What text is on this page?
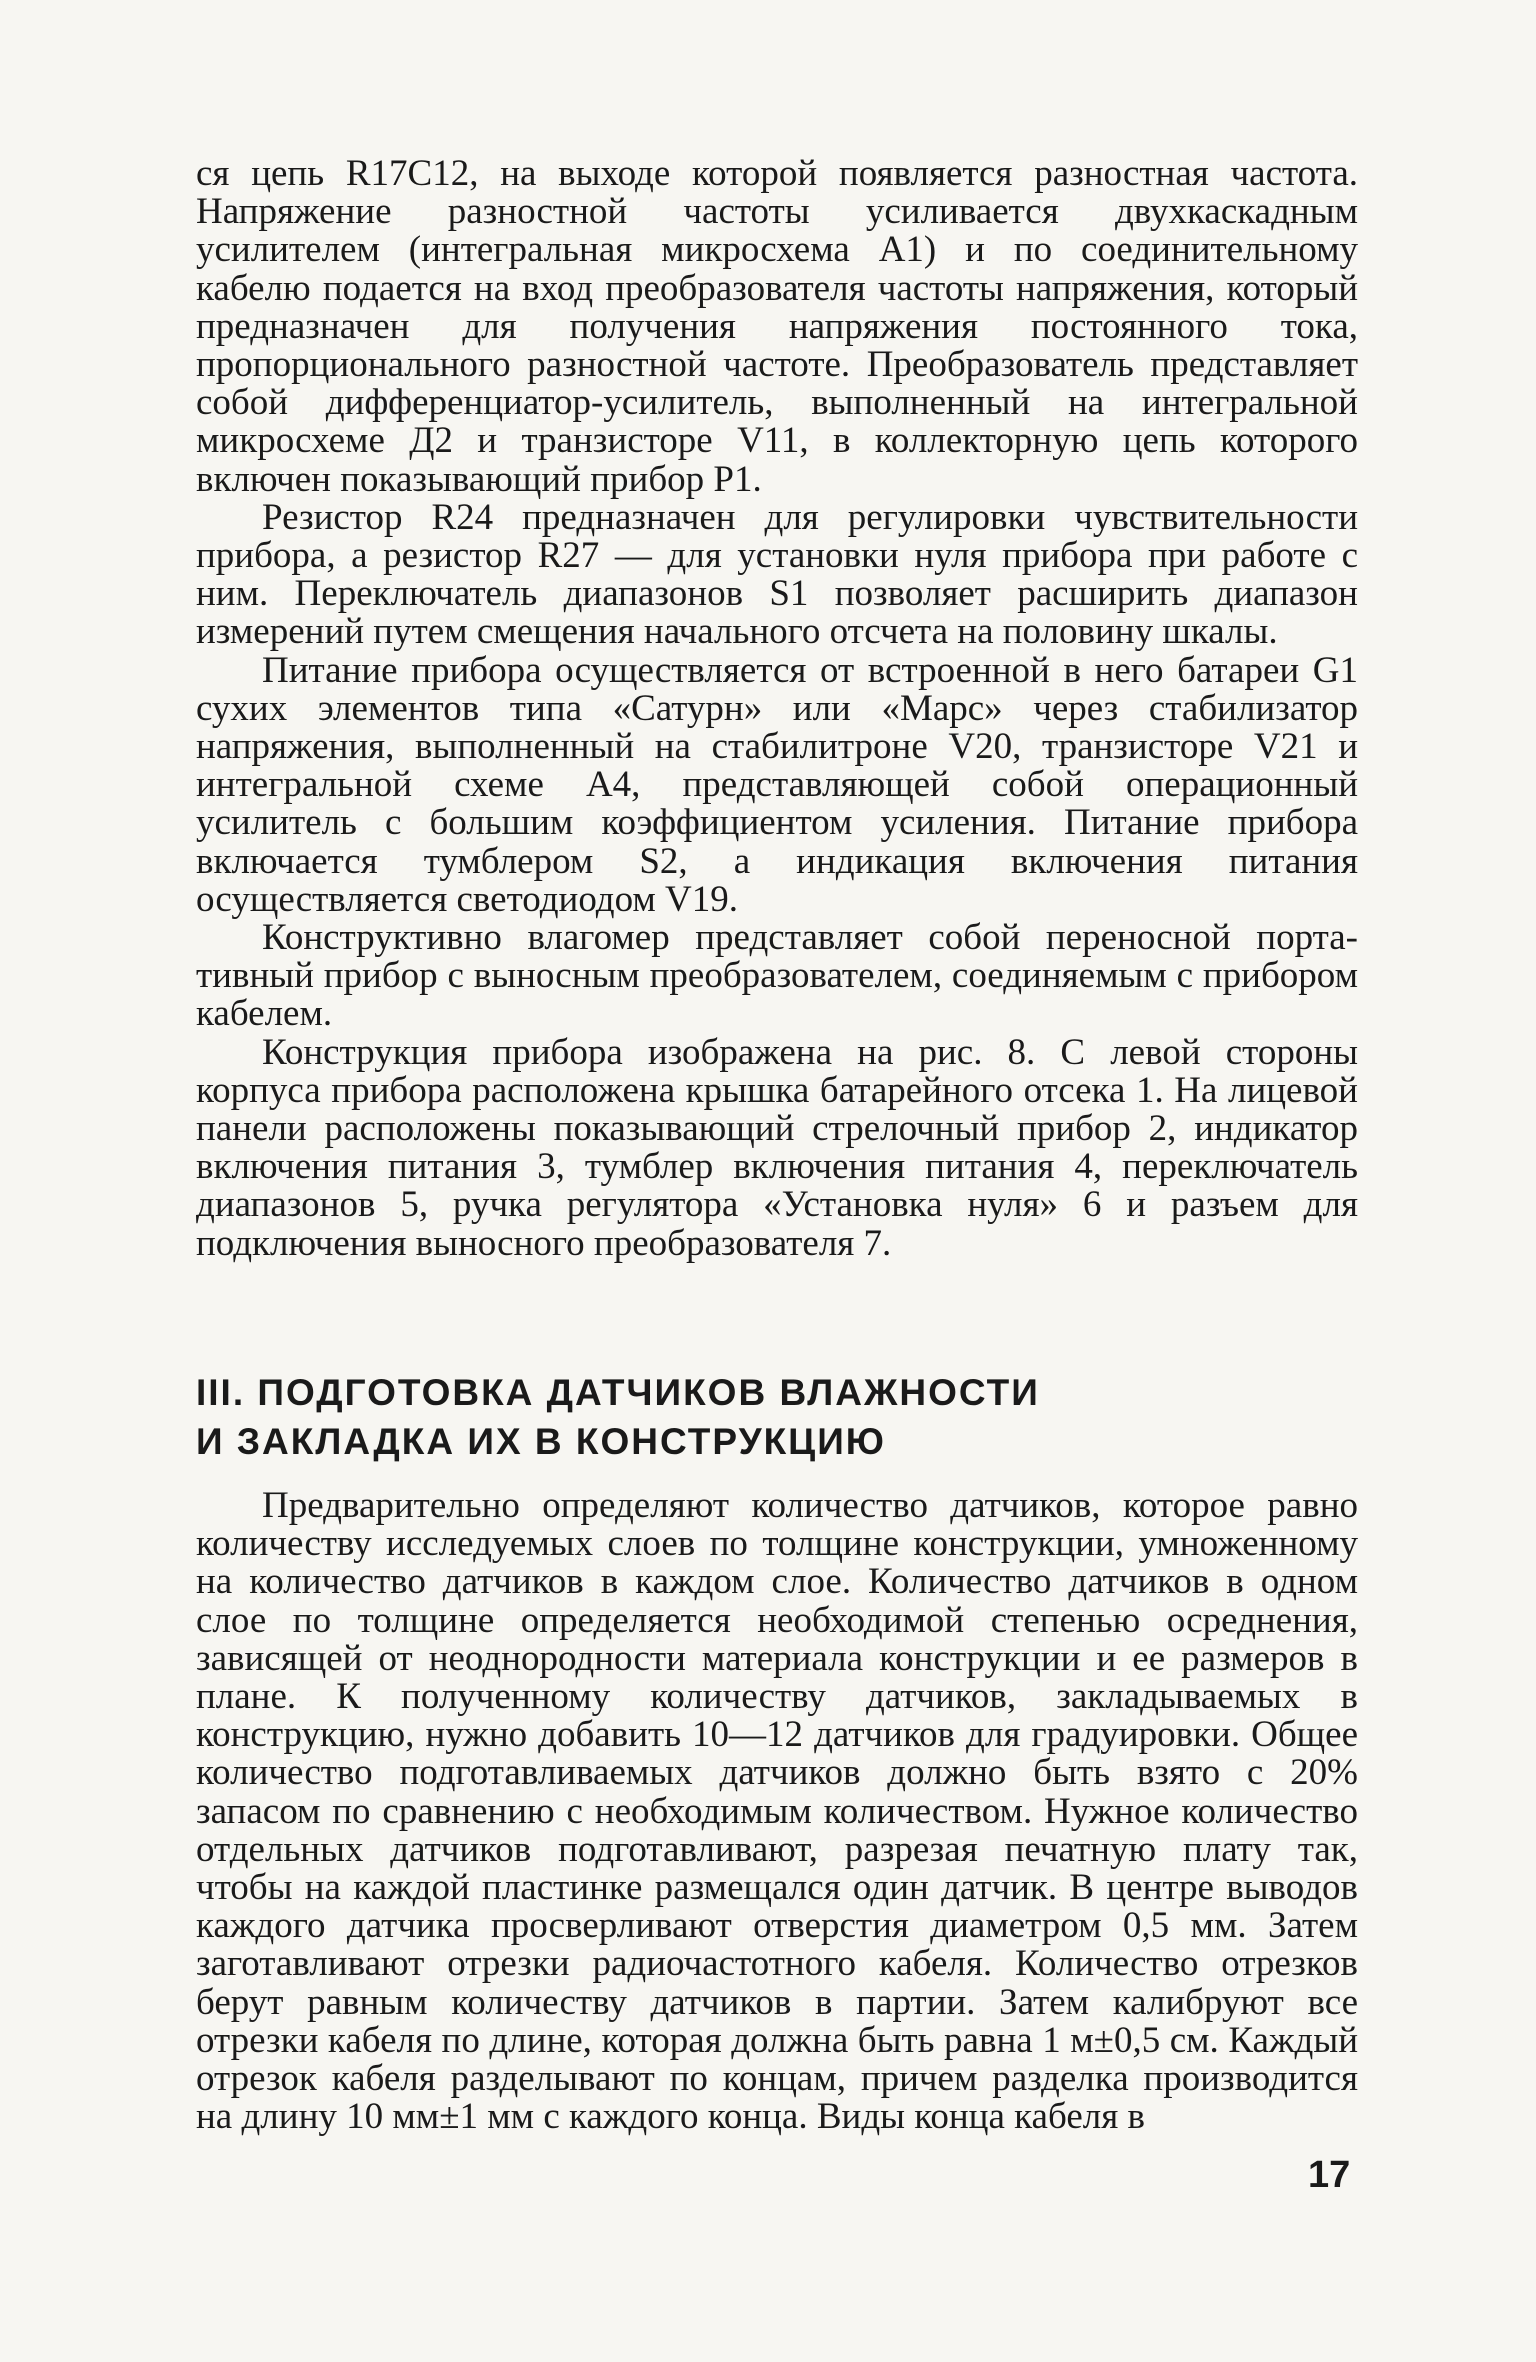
ся цепь R17C12, на выходе которой появляется разностная частота. Напряжение разностной частоты усиливается двухкаскадным усилителем (интегральная микросхема A1) и по соединительному кабелю подается на вход преобразователя частоты напряжения, который предназначен для получения напряжения постоянного тока, пропорционального разностной частоте. Преобразователь представляет собой дифференциатор-усилитель, выполненный на интегральной микросхеме Д2 и транзисторе V11, в коллекторную цепь которого включен показывающий прибор P1.

Резистор R24 предназначен для регулировки чувствительности прибора, а резистор R27 — для установки нуля прибора при работе с ним. Переключатель диапазонов S1 позволяет расширить диапазон измерений путем смещения начального отсчета на половину шкалы.

Питание прибора осуществляется от встроенной в него батареи G1 сухих элементов типа «Сатурн» или «Марс» через стабилизатор напряжения, выполненный на стабилитроне V20, транзисторе V21 и интегральной схеме A4, представляющей собой операционный усилитель с большим коэффициентом усиления. Питание прибора включается тумблером S2, а индикация включения питания осуществляется светодиодом V19.

Конструктивно влагомер представляет собой переносной портативный прибор с выносным преобразователем, соединяемым с прибором кабелем.

Конструкция прибора изображена на рис. 8. С левой стороны корпуса прибора расположена крышка батарейного отсека 1. На лицевой панели расположены показывающий стрелочный прибор 2, индикатор включения питания 3, тумблер включения питания 4, переключатель диапазонов 5, ручка регулятора «Установка нуля» 6 и разъем для подключения выносного преобразователя 7.

III. ПОДГОТОВКА ДАТЧИКОВ ВЛАЖНОСТИ
И ЗАКЛАДКА ИХ В КОНСТРУКЦИЮ

Предварительно определяют количество датчиков, которое равно количеству исследуемых слоев по толщине конструкции, умноженному на количество датчиков в каждом слое. Количество датчиков в одном слое по толщине определяется необходимой степенью осреднения, зависящей от неоднородности материала конструкции и ее размеров в плане. К полученному количеству датчиков, закладываемых в конструкцию, нужно добавить 10—12 датчиков для градуировки. Общее количество подготавливаемых датчиков должно быть взято с 20% запасом по сравнению с необходимым количеством. Нужное количество отдельных датчиков подготавливают, разрезая печатную плату так, чтобы на каждой пластинке размещался один датчик. В центре выводов каждого датчика просверливают отверстия диаметром 0,5 мм. Затем заготавливают отрезки радиочастотного кабеля. Количество отрезков берут равным количеству датчиков в партии. Затем калибруют все отрезки кабеля по длине, которая должна быть равна 1 м±0,5 см. Каждый отрезок кабеля разделывают по концам, причем разделка производится на длину 10 мм±1 мм с каждого конца. Виды конца кабеля в

17
